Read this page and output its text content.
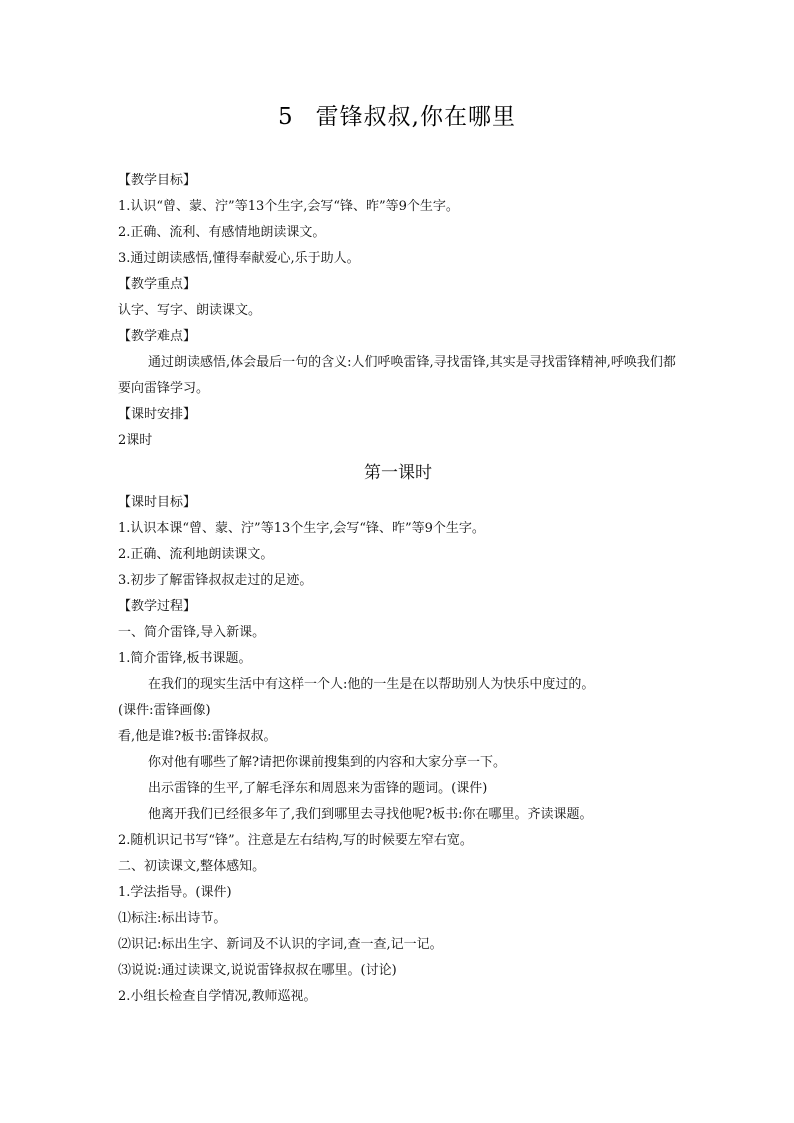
5 雷锋叔叔,你在哪里
【教学目标】
1.认识“曾、蒙、泞”等13个生字,会写“锋、昨”等9个生字。
2.正确、流利、有感情地朗读课文。
3.通过朗读感悟,懂得奉献爱心,乐于助人。
【教学重点】
认字、写字、朗读课文。
【教学难点】
通过朗读感悟,体会最后一句的含义:人们呼唤雷锋,寻找雷锋,其实是寻找雷锋精神,呼唤我们都要向雷锋学习。
【课时安排】
2课时
第一课时
【课时目标】
1.认识本课“曾、蒙、泞”等13个生字,会写“锋、昨”等9个生字。
2.正确、流利地朗读课文。
3.初步了解雷锋叔叔走过的足迹。
【教学过程】
一、简介雷锋,导入新课。
1.简介雷锋,板书课题。
在我们的现实生活中有这样一个人:他的一生是在以帮助别人为快乐中度过的。
(课件:雷锋画像)
看,他是谁?板书:雷锋叔叔。
你对他有哪些了解?请把你课前搜集到的内容和大家分享一下。
出示雷锋的生平,了解毛泽东和周恩来为雷锋的题词。(课件)
他离开我们已经很多年了,我们到哪里去寻找他呢?板书:你在哪里。齐读课题。
2.随机识记书写“锋”。注意是左右结构,写的时候要左窄右宽。
二、初读课文,整体感知。
1.学法指导。(课件)
⑴标注:标出诗节。
⑵识记:标出生字、新词及不认识的字词,查一查,记一记。
⑶说说:通过读课文,说说雷锋叔叔在哪里。(讨论)
2.小组长检查自学情况,教师巡视。
